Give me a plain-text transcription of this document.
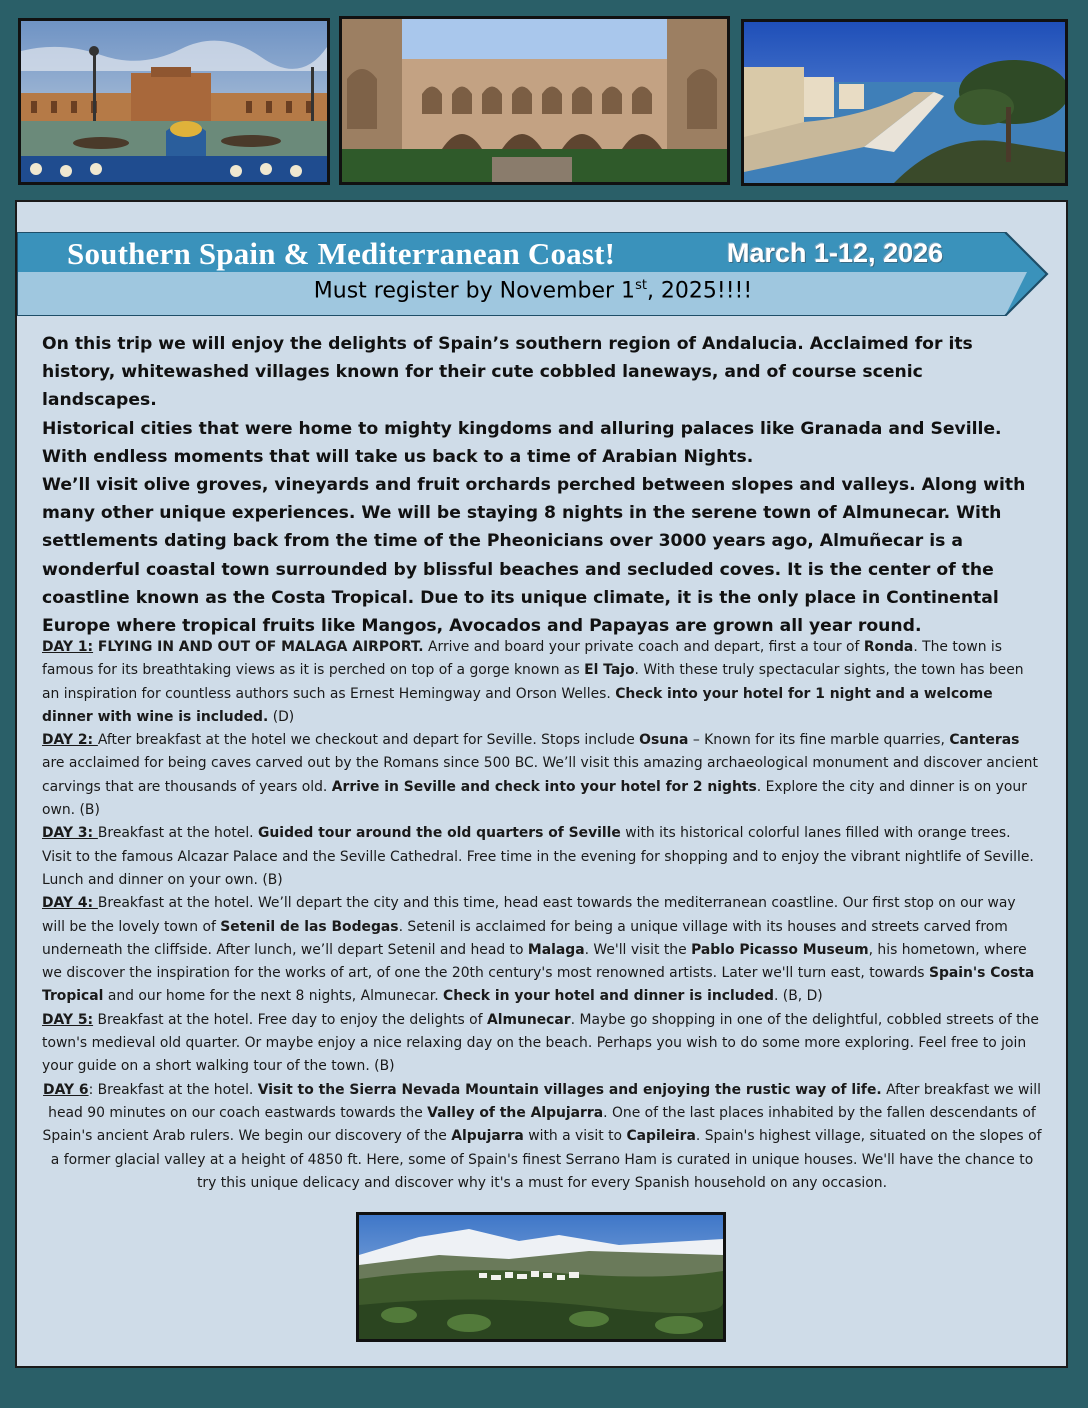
Southern Spain & Mediterranean Coast!	March 1-12, 2026
Must register by November 1st, 2025!!!!

On this trip we will enjoy the delights of Spain’s southern region of Andalucia. Acclaimed for its history, whitewashed villages known for their cute cobbled laneways, and of course scenic landscapes.

Historical cities that were home to mighty kingdoms and alluring palaces like Granada and Seville. With endless moments that will take us back to a time of Arabian Nights.

We’ll visit olive groves, vineyards and fruit orchards perched between slopes and valleys. Along with many other unique experiences. We will be staying 8 nights in the serene town of Almunecar. With settlements dating back from the time of the Pheonicians over 3000 years ago, Almuñecar is a wonderful coastal town surrounded by blissful beaches and secluded coves. It is the center of the coastline known as the Costa Tropical. Due to its unique climate, it is the only place in Continental Europe where tropical fruits like Mangos, Avocados and Papayas are grown all year round.

DAY 1: FLYING IN AND OUT OF MALAGA AIRPORT. Arrive and board your private coach and depart, first a tour of Ronda. The town is famous for its breathtaking views as it is perched on top of a gorge known as El Tajo. With these truly spectacular sights, the town has been an inspiration for countless authors such as Ernest Hemingway and Orson Welles. Check into your hotel for 1 night and a welcome dinner with wine is included. (D)

DAY 2: After breakfast at the hotel we checkout and depart for Seville. Stops include Osuna – Known for its fine marble quarries, Canteras are acclaimed for being caves carved out by the Romans since 500 BC. We’ll visit this amazing archaeological monument and discover ancient carvings that are thousands of years old. Arrive in Seville and check into your hotel for 2 nights. Explore the city and dinner is on your own. (B)

DAY 3: Breakfast at the hotel. Guided tour around the old quarters of Seville with its historical colorful lanes filled with orange trees. Visit to the famous Alcazar Palace and the Seville Cathedral. Free time in the evening for shopping and to enjoy the vibrant nightlife of Seville. Lunch and dinner on your own. (B)

DAY 4: Breakfast at the hotel. We’ll depart the city and this time, head east towards the mediterranean coastline. Our first stop on our way will be the lovely town of Setenil de las Bodegas. Setenil is acclaimed for being a unique village with its houses and streets carved from underneath the cliffside. After lunch, we’ll depart Setenil and head to Malaga. We'll visit the Pablo Picasso Museum, his hometown, where we discover the inspiration for the works of art, of one the 20th century's most renowned artists. Later we'll turn east, towards Spain's Costa Tropical and our home for the next 8 nights, Almunecar. Check in your hotel and dinner is included. (B, D)

DAY 5: Breakfast at the hotel. Free day to enjoy the delights of Almunecar. Maybe go shopping in one of the delightful, cobbled streets of the town's medieval old quarter. Or maybe enjoy a nice relaxing day on the beach. Perhaps you wish to do some more exploring. Feel free to join your guide on a short walking tour of the town. (B)

DAY 6: Breakfast at the hotel. Visit to the Sierra Nevada Mountain villages and enjoying the rustic way of life. After breakfast we will head 90 minutes on our coach eastwards towards the Valley of the Alpujarra. One of the last places inhabited by the fallen descendants of Spain's ancient Arab rulers. We begin our discovery of the Alpujarra with a visit to Capileira. Spain's highest village, situated on the slopes of a former glacial valley at a height of 4850 ft. Here, some of Spain's finest Serrano Ham is curated in unique houses. We'll have the chance to try this unique delicacy and discover why it's a must for every Spanish household on any occasion.
